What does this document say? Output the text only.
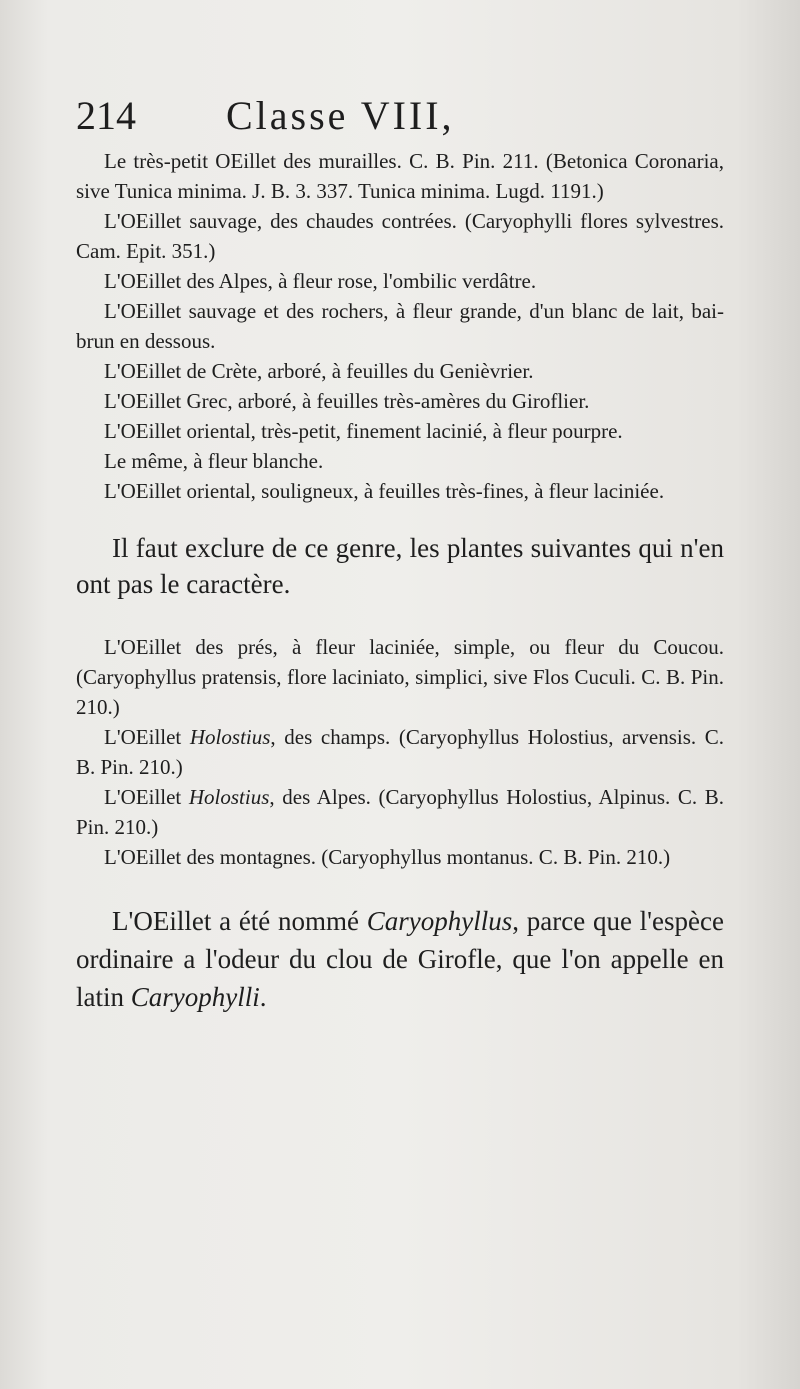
214 Classe VIII,

Le très-petit OEillet des murailles. C. B. Pin. 211. (Betonica Coronaria, sive Tunica minima. J. B. 3. 337. Tunica minima. Lugd. 1191.)

L'OEillet sauvage, des chaudes contrées. (Caryophylli flores sylvestres. Cam. Epit. 351.)

L'OEillet des Alpes, à fleur rose, l'ombilic verdâtre.

L'OEillet sauvage et des rochers, à fleur grande, d'un blanc de lait, bai-brun en dessous.

L'OEillet de Crète, arboré, à feuilles du Genièvrier.

L'OEillet Grec, arboré, à feuilles très-amères du Giroflier.

L'OEillet oriental, très-petit, finement lacinié, à fleur pourpre.

Le même, à fleur blanche.

L'OEillet oriental, souligneux, à feuilles très-fines, à fleur laciniée.

Il faut exclure de ce genre, les plantes suivantes qui n'en ont pas le caractère.

L'OEillet des prés, à fleur laciniée, simple, ou fleur du Coucou. (Caryophyllus pratensis, flore laciniato, simplici, sive Flos Cuculi. C. B. Pin. 210.)

L'OEillet Holostius, des champs. (Caryophyllus Holostius, arvensis. C. B. Pin. 210.)

L'OEillet Holostius, des Alpes. (Caryophyllus Holostius, Alpinus. C. B. Pin. 210.)

L'OEillet des montagnes. (Caryophyllus montanus. C. B. Pin. 210.)

L'OEillet a été nommé Caryophyllus, parce que l'espèce ordinaire a l'odeur du clou de Girofle, que l'on appelle en latin Caryophylli.
